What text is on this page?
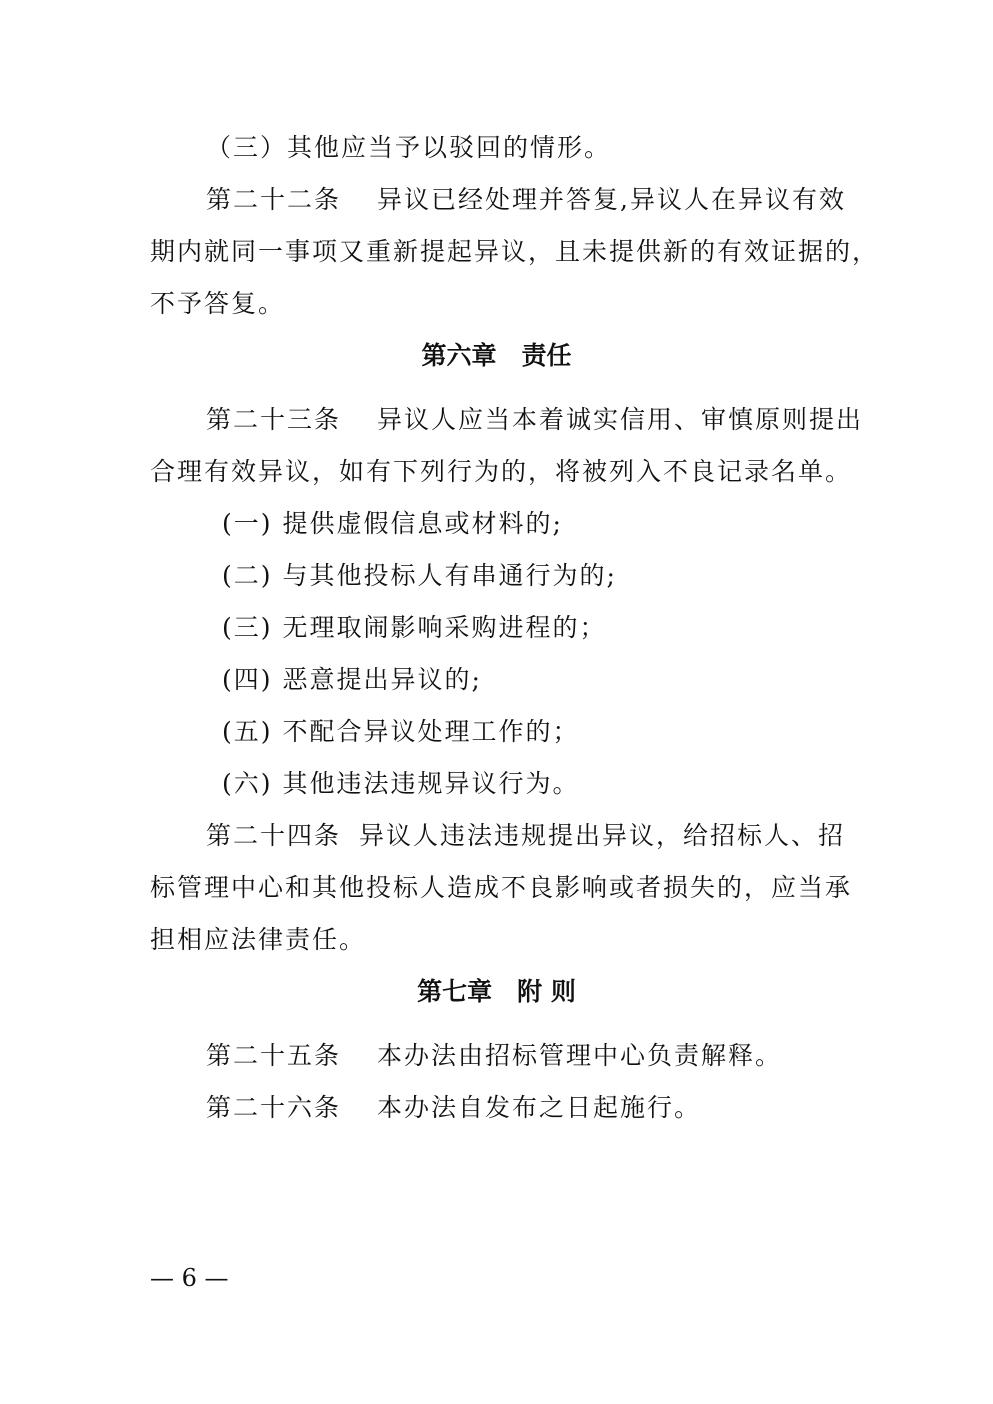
（三）其他应当予以驳回的情形。
第二十二条 异议已经处理并答复,异议人在异议有效
期内就同一事项又重新提起异议，且未提供新的有效证据的，
不予答复。
第六章　责任
第二十三条 异议人应当本着诚实信用、审慎原则提出
合理有效异议，如有下列行为的，将被列入不良记录名单。
(一) 提供虚假信息或材料的;
(二) 与其他投标人有串通行为的;
(三) 无理取闹影响采购进程的；
(四) 恶意提出异议的;
(五) 不配合异议处理工作的；
(六) 其他违法违规异议行为。
第二十四条 异议人违法违规提出异议，给招标人、招
标管理中心和其他投标人造成不良影响或者损失的，应当承
担相应法律责任。
第七章　附 则
第二十五条 本办法由招标管理中心负责解释。
第二十六条 本办法自发布之日起施行。
— 6 —
